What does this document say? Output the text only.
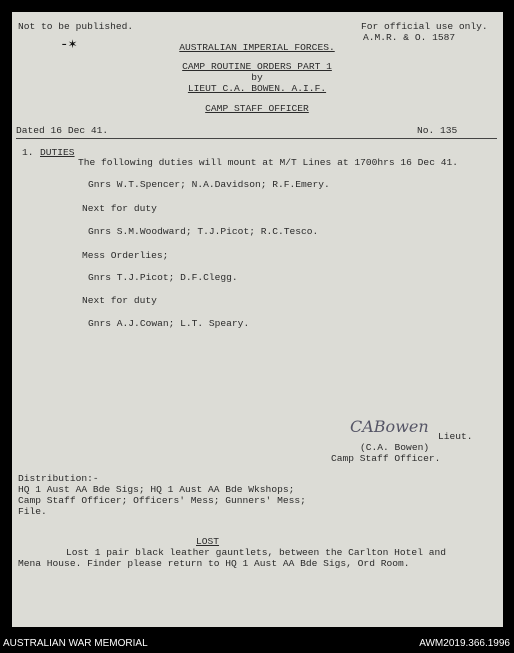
Not to be published.	For official use only.
A.M.R. & O. 1587
-✶	AUSTRALIAN IMPERIAL FORCES.
CAMP ROUTINE ORDERS PART 1
by
LIEUT C.A. BOWEN. A.I.F.
CAMP STAFF OFFICER
Dated 16 Dec 41.	No. 135
1. DUTIES
The following duties will mount at M/T Lines at 1700hrs 16 Dec 41.
Gnrs W.T.Spencer; N.A.Davidson; R.F.Emery.
Next for duty
Gnrs S.M.Woodward; T.J.Picot; R.C.Tesco.
Mess Orderlies;
Gnrs T.J.Picot; D.F.Clegg.
Next for duty
Gnrs A.J.Cowan; L.T. Speary.
CABowen
Lieut.
(C.A. Bowen)
Camp Staff Officer.
Distribution:-
HQ 1 Aust AA Bde Sigs; HQ 1 Aust AA Bde Wkshops;
Camp Staff Officer; Officers' Mess; Gunners' Mess;
File.
LOST
Lost 1 pair black leather gauntlets, between the Carlton Hotel and
Mena House. Finder please return to HQ 1 Aust AA Bde Sigs, Ord Room.
AUSTRALIAN WAR MEMORIAL	AWM2019.366.1996
